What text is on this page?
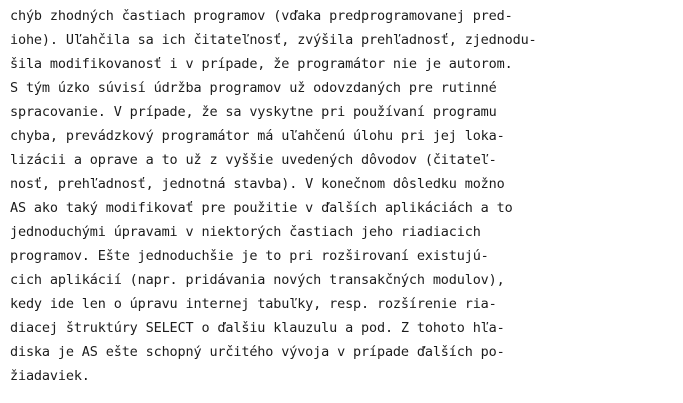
chýb zhodných častiach programov (vďaka predprogramovanej pred-
iohe). Uľahčila sa ich čitateľnosť, zvýšila prehľadnosť, zjednodu-
šila modifikovanosť i v prípade, že programátor nie je autorom.
S tým úzko súvisí údržba programov už odovzdaných pre rutinné
spracovanie. V prípade, že sa vyskytne pri používaní programu
chyba, prevádzkový programátor má uľahčenú úlohu pri jej loka-
lizácii a oprave a to už z vyššie uvedených dôvodov (čitateľ-
nosť, prehľadnosť, jednotná stavba). V konečnom dôsledku možno
AS ako taký modifikovať pre použitie v ďalších aplikáciách a to
jednoduchými úpravami v niektorých častiach jeho riadiacich
programov. Ešte jednoduchšie je to pri rozširovaní existujú-
cich aplikácií (napr. pridávania nových transakčných modulov),
kedy ide len o úpravu internej tabuľky, resp. rozšírenie ria-
diacej štruktúry SELECT o ďalšiu klauzulu a pod. Z tohoto hľa-
diska je AS ešte schopný určitého vývoja v prípade ďalších po-
žiadaviek.
